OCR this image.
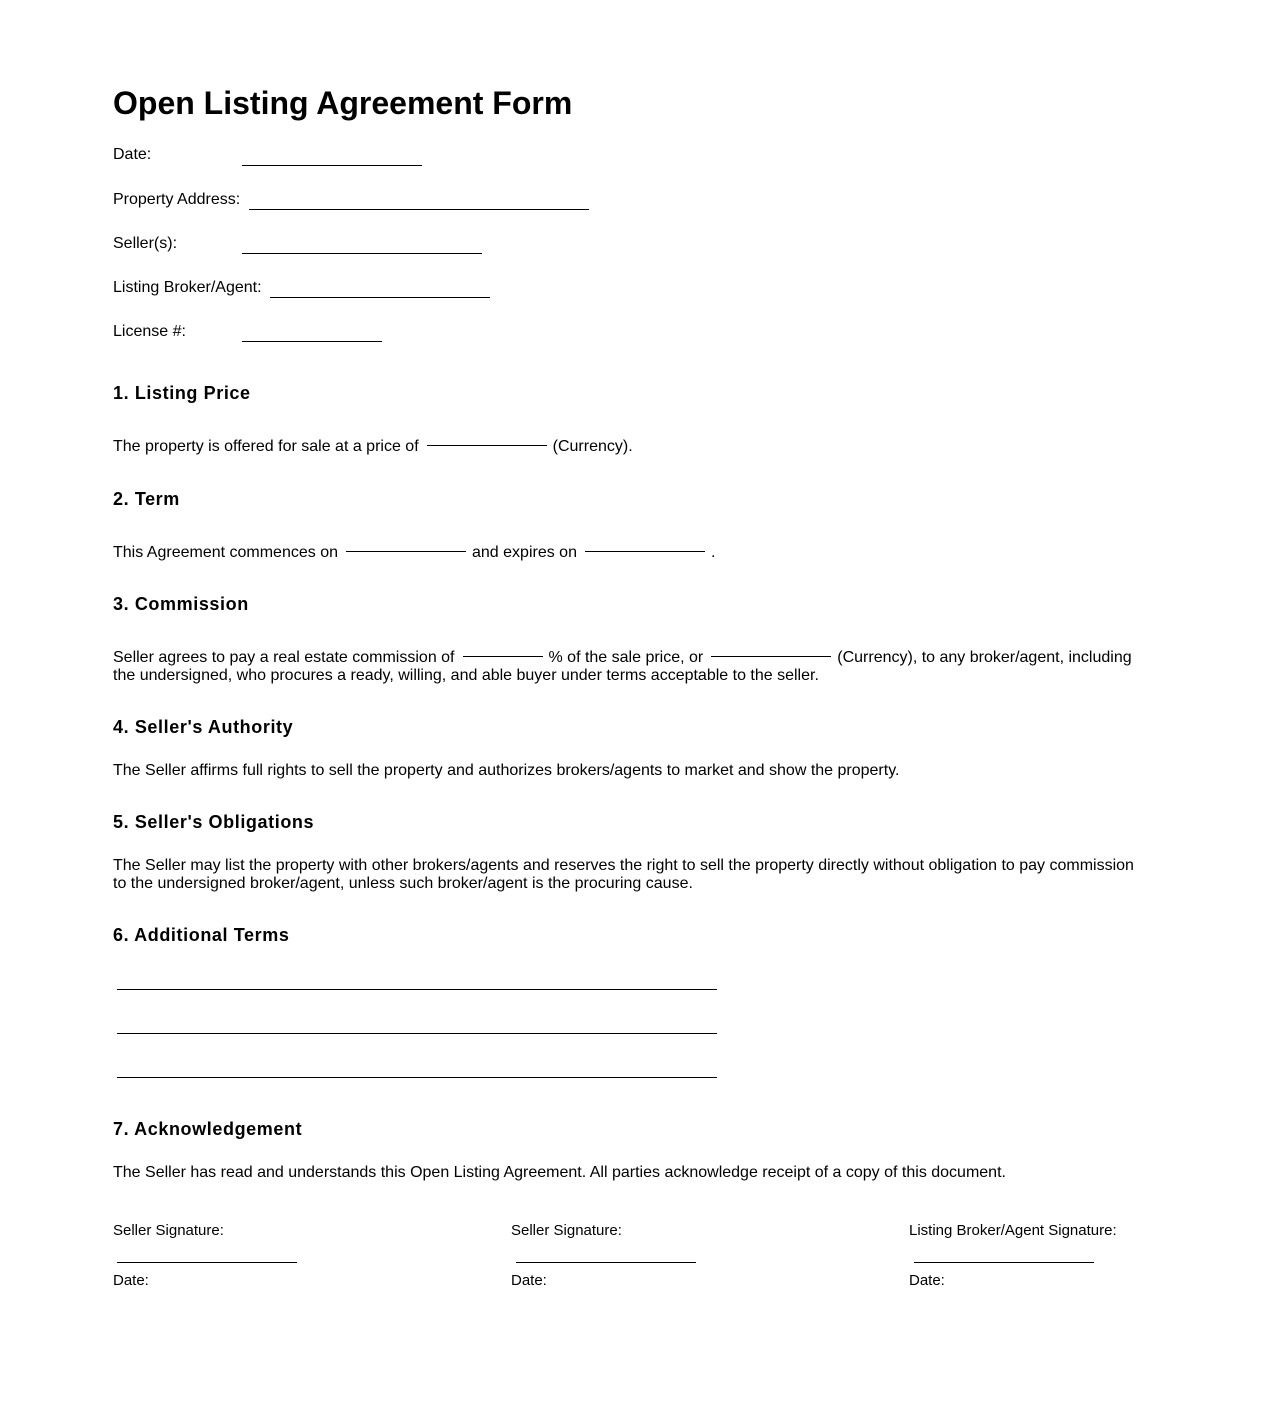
Open Listing Agreement Form
Date:
Property Address:
Seller(s):
Listing Broker/Agent:
License #:
1. Listing Price
The property is offered for sale at a price of	(Currency).
2. Term
This Agreement commences on	and expires on	.
3. Commission
Seller agrees to pay a real estate commission of	% of the sale price, or	(Currency), to any broker/agent, including
the undersigned, who procures a ready, willing, and able buyer under terms acceptable to the seller.
4. Seller's Authority
The Seller affirms full rights to sell the property and authorizes brokers/agents to market and show the property.
5. Seller's Obligations
The Seller may list the property with other brokers/agents and reserves the right to sell the property directly without obligation to pay commission to the undersigned broker/agent, unless such broker/agent is the procuring cause.
6. Additional Terms
7. Acknowledgement
The Seller has read and understands this Open Listing Agreement. All parties acknowledge receipt of a copy of this document.
Seller Signature:
Date:
Seller Signature:
Date:
Listing Broker/Agent Signature:
Date:
